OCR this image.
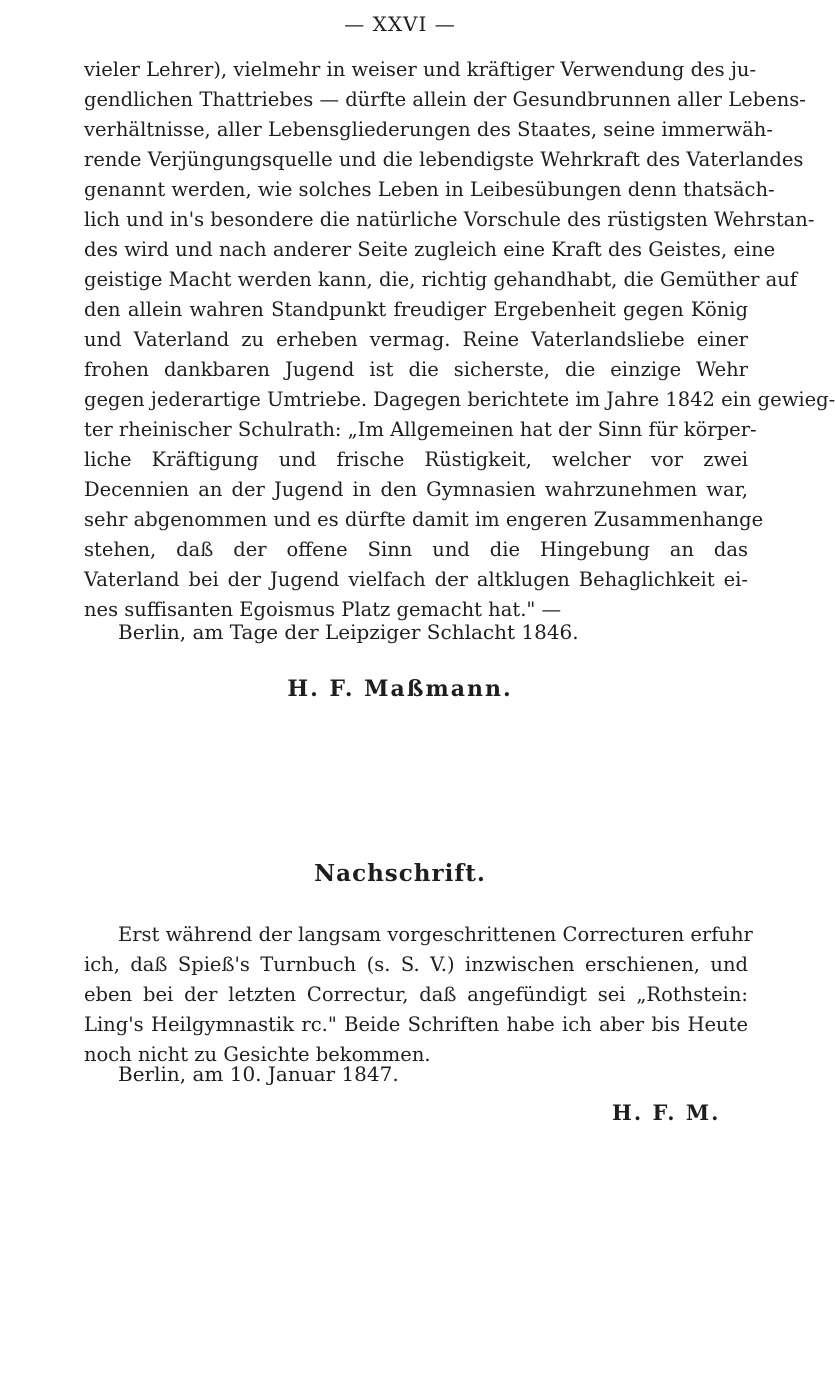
— XXVI —
vieler Lehrer), vielmehr in weiser und kräftiger Verwendung des ju-
gendlichen Thattriebes — dürfte allein der Gesundbrunnen aller Lebens-
verhältnisse, aller Lebensgliederungen des Staates, seine immerwäh-
rende Verjüngungsquelle und die lebendigste Wehrkraft des Vaterlandes
genannt werden, wie solches Leben in Leibesübungen denn thatsäch-
lich und in's besondere die natürliche Vorschule des rüstigsten Wehrstan-
des wird und nach anderer Seite zugleich eine Kraft des Geistes, eine
geistige Macht werden kann, die, richtig gehandhabt, die Gemüther auf
den allein wahren Standpunkt freudiger Ergebenheit gegen König
und Vaterland zu erheben vermag. Reine Vaterlandsliebe einer
frohen dankbaren Jugend ist die sicherste, die einzige Wehr
gegen jederartige Umtriebe. Dagegen berichtete im Jahre 1842 ein gewieg-
ter rheinischer Schulrath: „Im Allgemeinen hat der Sinn für körper-
liche Kräftigung und frische Rüstigkeit, welcher vor zwei
Decennien an der Jugend in den Gymnasien wahrzunehmen war,
sehr abgenommen und es dürfte damit im engeren Zusammenhange
stehen, daß der offene Sinn und die Hingebung an das
Vaterland bei der Jugend vielfach der altklugen Behaglichkeit ei-
nes suffisanten Egoismus Platz gemacht hat." —
Berlin, am Tage der Leipziger Schlacht 1846.
H. F. Maßmann.
Nachschrift.
Erst während der langsam vorgeschrittenen Correcturen erfuhr
ich, daß Spieß's Turnbuch (s. S. V.) inzwischen erschienen, und
eben bei der letzten Correctur, daß angefündigt sei „Rothstein:
Ling's Heilgymnastik rc." Beide Schriften habe ich aber bis Heute
noch nicht zu Gesichte bekommen.
Berlin, am 10. Januar 1847.
H. F. M.
